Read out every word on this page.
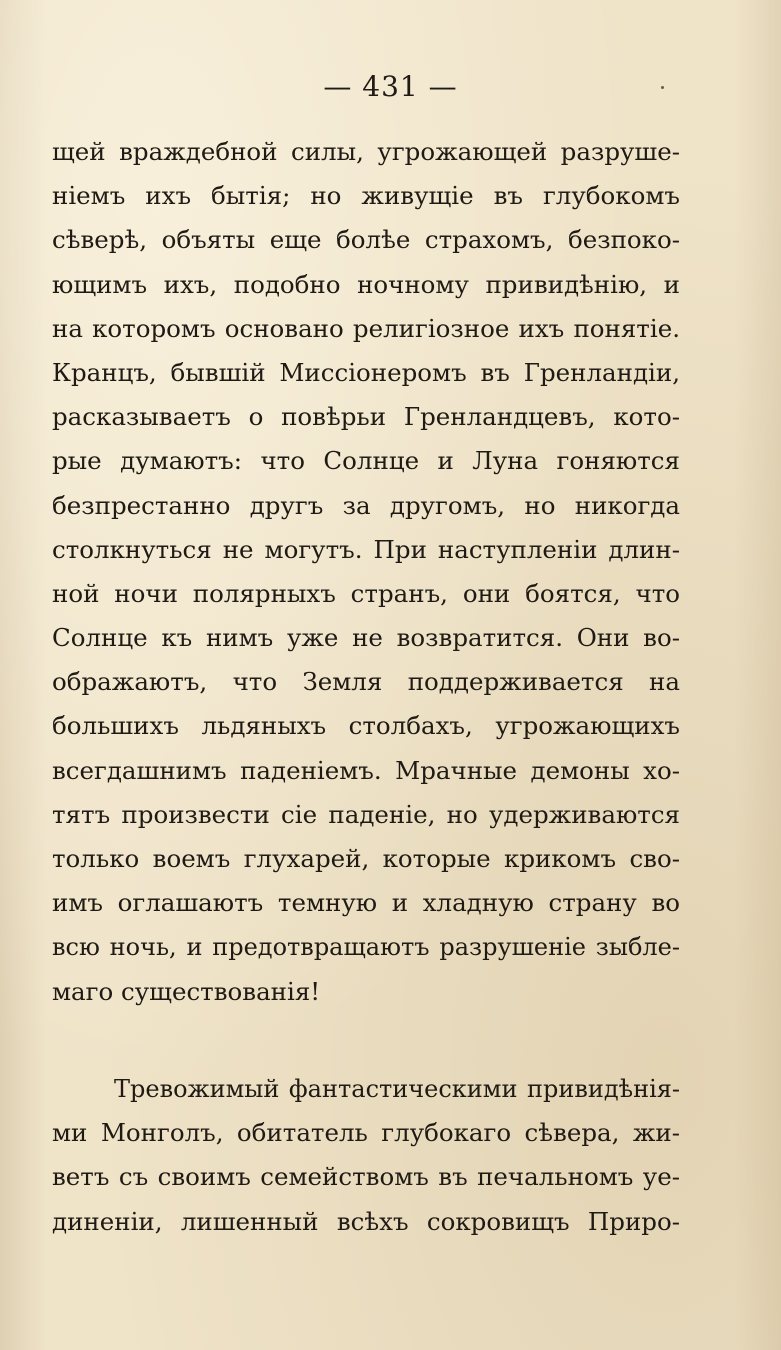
— 431 —
щей враждебной силы, угрожающей разруше-
ніемъ ихъ бытія; но живущіе въ глубокомъ
сѣверѣ, объяты еще болѣе страхомъ, безпоко-
ющимъ ихъ, подобно ночному привидѣнію, и
на которомъ основано религіозное ихъ понятіе.
Кранцъ, бывшій Миссіонеромъ въ Гренландіи,
расказываетъ о повѣрьи Гренландцевъ, кото-
рые думаютъ: что Солнце и Луна гоняются
безпрестанно другъ за другомъ, но никогда
столкнуться не могутъ. При наступленіи длин-
ной ночи полярныхъ странъ, они боятся, что
Солнце къ нимъ уже не возвратится. Они во-
ображаютъ, что Земля поддерживается на
большихъ льдяныхъ столбахъ, угрожающихъ
всегдашнимъ паденіемъ. Мрачные демоны хо-
тятъ произвести сіе паденіе, но удерживаются
только воемъ глухарей, которые крикомъ сво-
имъ оглашаютъ темную и хладную страну во
всю ночь, и предотвращаютъ разрушеніе зыбле-
маго существованія!
Тревожимый фантастическими привидѣнія-
ми Монголъ, обитатель глубокаго сѣвера, жи-
ветъ съ своимъ семействомъ въ печальномъ уе-
диненіи, лишенный всѣхъ сокровищъ Приро-
